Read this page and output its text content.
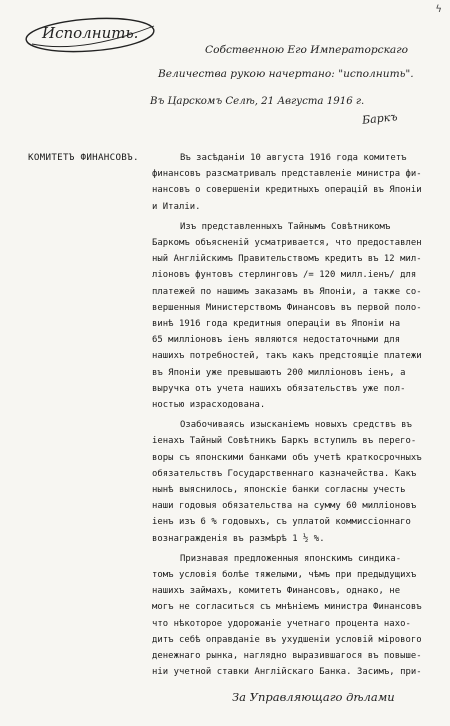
ϟ
Исполнить.
Собственною Его Императорскаго
Величества рукою начертано: "исполнить".
Въ Царскомъ Селѣ, 21 Августа 1916 г.
Баркъ
КОМИТЕТЪ ФИНАНСОВЪ.	Въ засѣданіи 10 августа 1916 года комитетъ
финансовъ разсматривалъ представленіе министра фи-
нансовъ о совершеніи кредитныхъ операцій въ Японіи
и Италіи.
Изъ представленныхъ Тайнымъ Совѣтникомъ
Баркомъ объясненій усматривается, что предоставлен
ный Англійскимъ Правительствомъ кредитъ въ 12 мил-
ліоновъ фунтовъ стерлинговъ /= 120 милл.іенъ/ для
платежей по нашимъ заказамъ въ Японіи, а также со-
вершенныя Министерствомъ Финансовъ въ первой поло-
винѣ 1916 года кредитныя операціи въ Японіи на
65 милліоновъ іенъ являются недостаточными для
нашихъ потребностей, такъ какъ предстоящіе платежи
въ Японіи уже превышаютъ 200 милліоновъ іенъ, а
выручка отъ учета нашихъ обязательствъ уже пол-
ностью израсходована.
Озабочиваясь изысканіемъ новыхъ средствъ въ
іенахъ Тайный Совѣтникъ Баркъ вступилъ въ перего-
воры съ японскими банками объ учетѣ краткосрочныхъ
обязательствъ Государственнаго казначейства. Какъ
нынѣ выяснилось, японскіе банки согласны учесть
наши годовыя обязательства на сумму 60 милліоновъ
іенъ изъ 6 % годовыхъ, съ уплатой коммиссіоннаго
вознагражденія въ размѣрѣ 1 ½ %.
Признавая предложенныя японскимъ синдика-
томъ условія болѣе тяжелыми, чѣмъ при предыдущихъ
нашихъ займахъ, комитетъ Финансовъ, однако, не
могъ не согласиться съ мнѣніемъ министра Финансовъ
что нѣкоторое удорожаніе учетнаго процента нахо-
дитъ себѣ оправданіе въ ухудшеніи условій мірового
денежнаго рынка, наглядно выразившагося въ повыше-
ніи учетной ставки Англійскаго Банка. Засимъ, при-
За Управляющаго дѣлами
